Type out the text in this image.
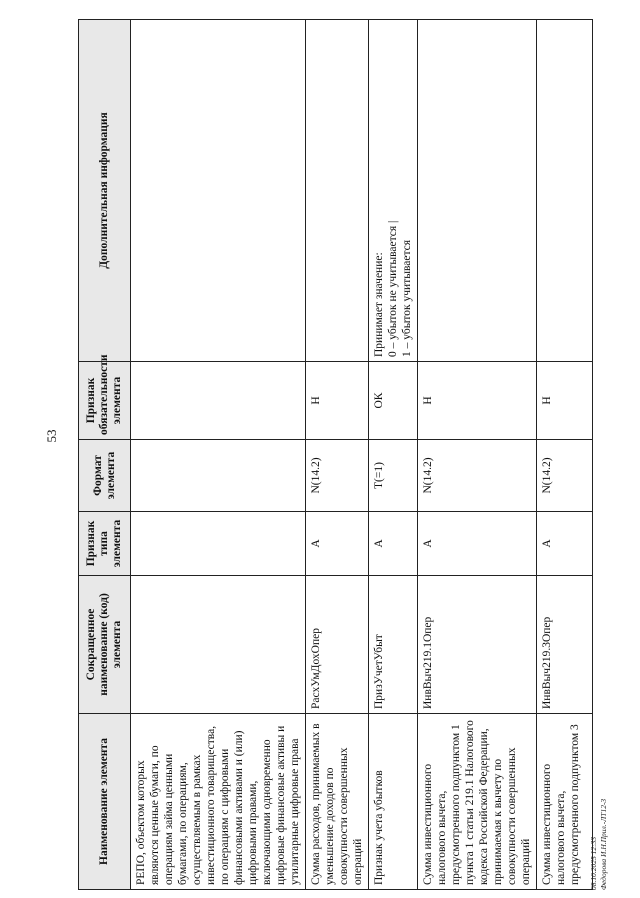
53
Наименование элемента	Сокращенное наименование (код) элемента	Признак типа элемента	Формат элемента	Признак обязательности элемента	Дополнительная информация
РЕПО, объектом которых являются ценные бумаги, по операциям займа ценными бумагами, по операциям, осуществляемым в рамках инвестиционного товарищества, по операциям с цифровыми финансовыми активами и (или) цифровыми правами, включающими одновременно цифровые финансовые активы и утилитарные цифровые права					
Сумма расходов, принимаемых в уменьшение доходов по совокупности совершенных операций	РасхУмДохОпер	А	N(14.2)	Н	
Признак учета убытков	ПризУчетУбыт	А	T(=1)	ОК	Принимает значение:
0 – убыток не учитывается |
1 – убыток учитывается
Сумма инвестиционного налогового вычета, предусмотренного подпунктом 1 пункта 1 статьи 219.1 Налогового кодекса Российской Федерации, принимаемая к вычету по совокупности совершенных операций	ИнвВыч219.1Опер	А	N(14.2)	Н	
Сумма инвестиционного налогового вычета, предусмотренного подпунктом 3	ИнвВыч219.3Опер	А	N(14.2)	Н	
08.10.2025 12:33 Федорова И.Н.Прил.-ЛТ12-3
